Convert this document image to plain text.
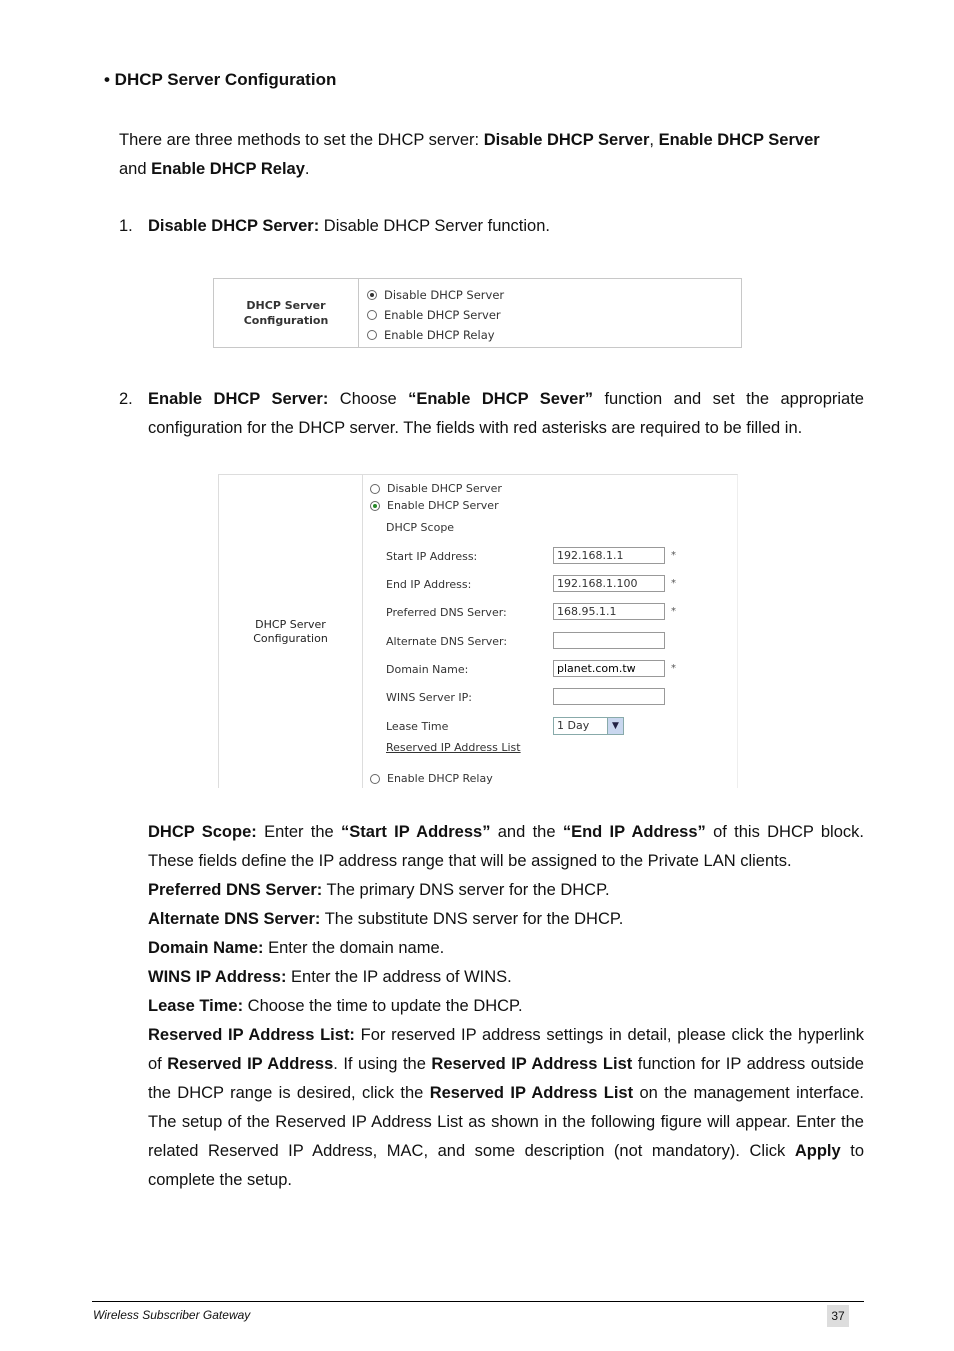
• DHCP Server Configuration
There are three methods to set the DHCP server: Disable DHCP Server, Enable DHCP Server
and Enable DHCP Relay.
1. Disable DHCP Server: Disable DHCP Server function.
DHCP Server
Configuration
Disable DHCP Server
Enable DHCP Server
Enable DHCP Relay
2. Enable DHCP Server: Choose “Enable DHCP Sever” function and set the appropriate configuration for the DHCP server. The fields with red asterisks are required to be filled in.
DHCP Server
Configuration
Disable DHCP Server
Enable DHCP Server
DHCP Scope
Start IP Address:	192.168.1.1	*
End IP Address:	192.168.1.100	*
Preferred DNS Server:	168.95.1.1	*
Alternate DNS Server:
Domain Name:	planet.com.tw	*
WINS Server IP:
Lease Time	1 Day	▼
Reserved IP Address List
Enable DHCP Relay
DHCP Scope: Enter the “Start IP Address” and the “End IP Address” of this DHCP block. These fields define the IP address range that will be assigned to the Private LAN clients.
Preferred DNS Server: The primary DNS server for the DHCP.
Alternate DNS Server: The substitute DNS server for the DHCP.
Domain Name: Enter the domain name.
WINS IP Address: Enter the IP address of WINS.
Lease Time: Choose the time to update the DHCP.
Reserved IP Address List: For reserved IP address settings in detail, please click the hyperlink of Reserved IP Address. If using the Reserved IP Address List function for IP address outside the DHCP range is desired, click the Reserved IP Address List on the management interface. The setup of the Reserved IP Address List as shown in the following figure will appear. Enter the related Reserved IP Address, MAC, and some description (not mandatory). Click Apply to complete the setup.
Wireless Subscriber Gateway	37
